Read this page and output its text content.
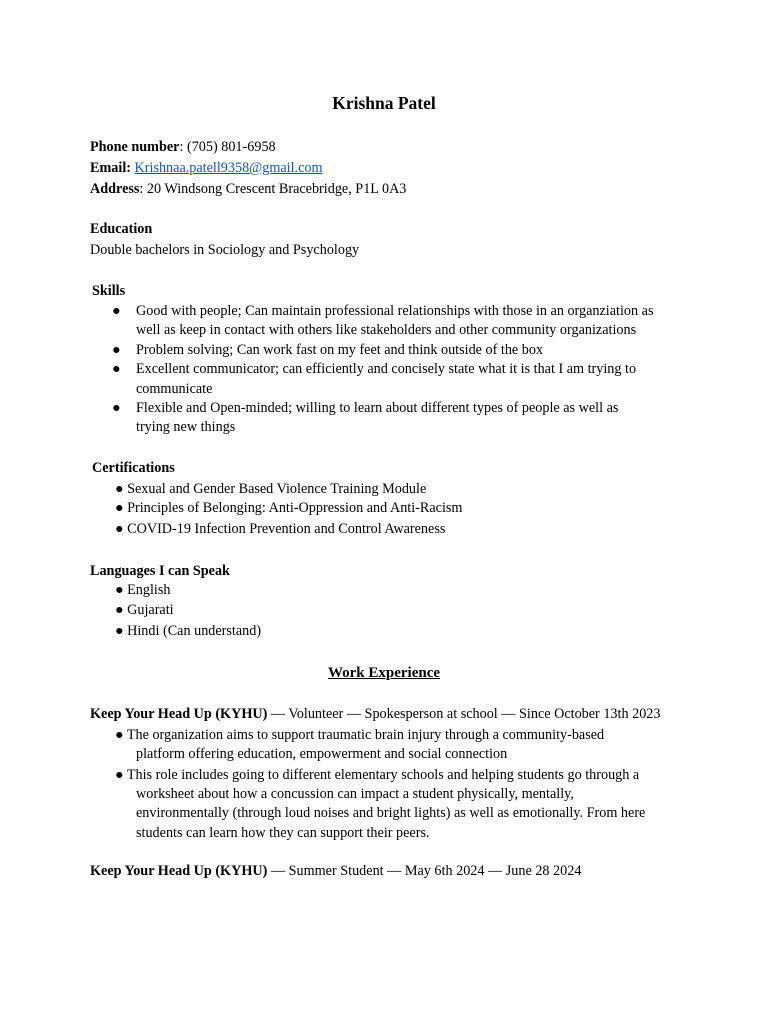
Krishna Patel
Phone number: (705) 801-6958
Email: Krishnaa.patell9358@gmail.com
Address: 20 Windsong Crescent Bracebridge, P1L 0A3
Education
Double bachelors in Sociology and Psychology
Skills
● Good with people; Can maintain professional relationships with those in an organziation as
well as keep in contact with others like stakeholders and other community organizations
● Problem solving; Can work fast on my feet and think outside of the box
● Excellent communicator; can efficiently and concisely state what it is that I am trying to
communicate
● Flexible and Open-minded; willing to learn about different types of people as well as
trying new things
Certifications
● Sexual and Gender Based Violence Training Module
● Principles of Belonging: Anti-Oppression and Anti-Racism
● COVID-19 Infection Prevention and Control Awareness
Languages I can Speak
● English
● Gujarati
● Hindi (Can understand)
Work Experience
Keep Your Head Up (KYHU) — Volunteer — Spokesperson at school — Since October 13th 2023
● The organization aims to support traumatic brain injury through a community-based
platform offering education, empowerment and social connection
● This role includes going to different elementary schools and helping students go through a
worksheet about how a concussion can impact a student physically, mentally,
environmentally (through loud noises and bright lights) as well as emotionally. From here
students can learn how they can support their peers.
Keep Your Head Up (KYHU) — Summer Student — May 6th 2024 — June 28 2024
